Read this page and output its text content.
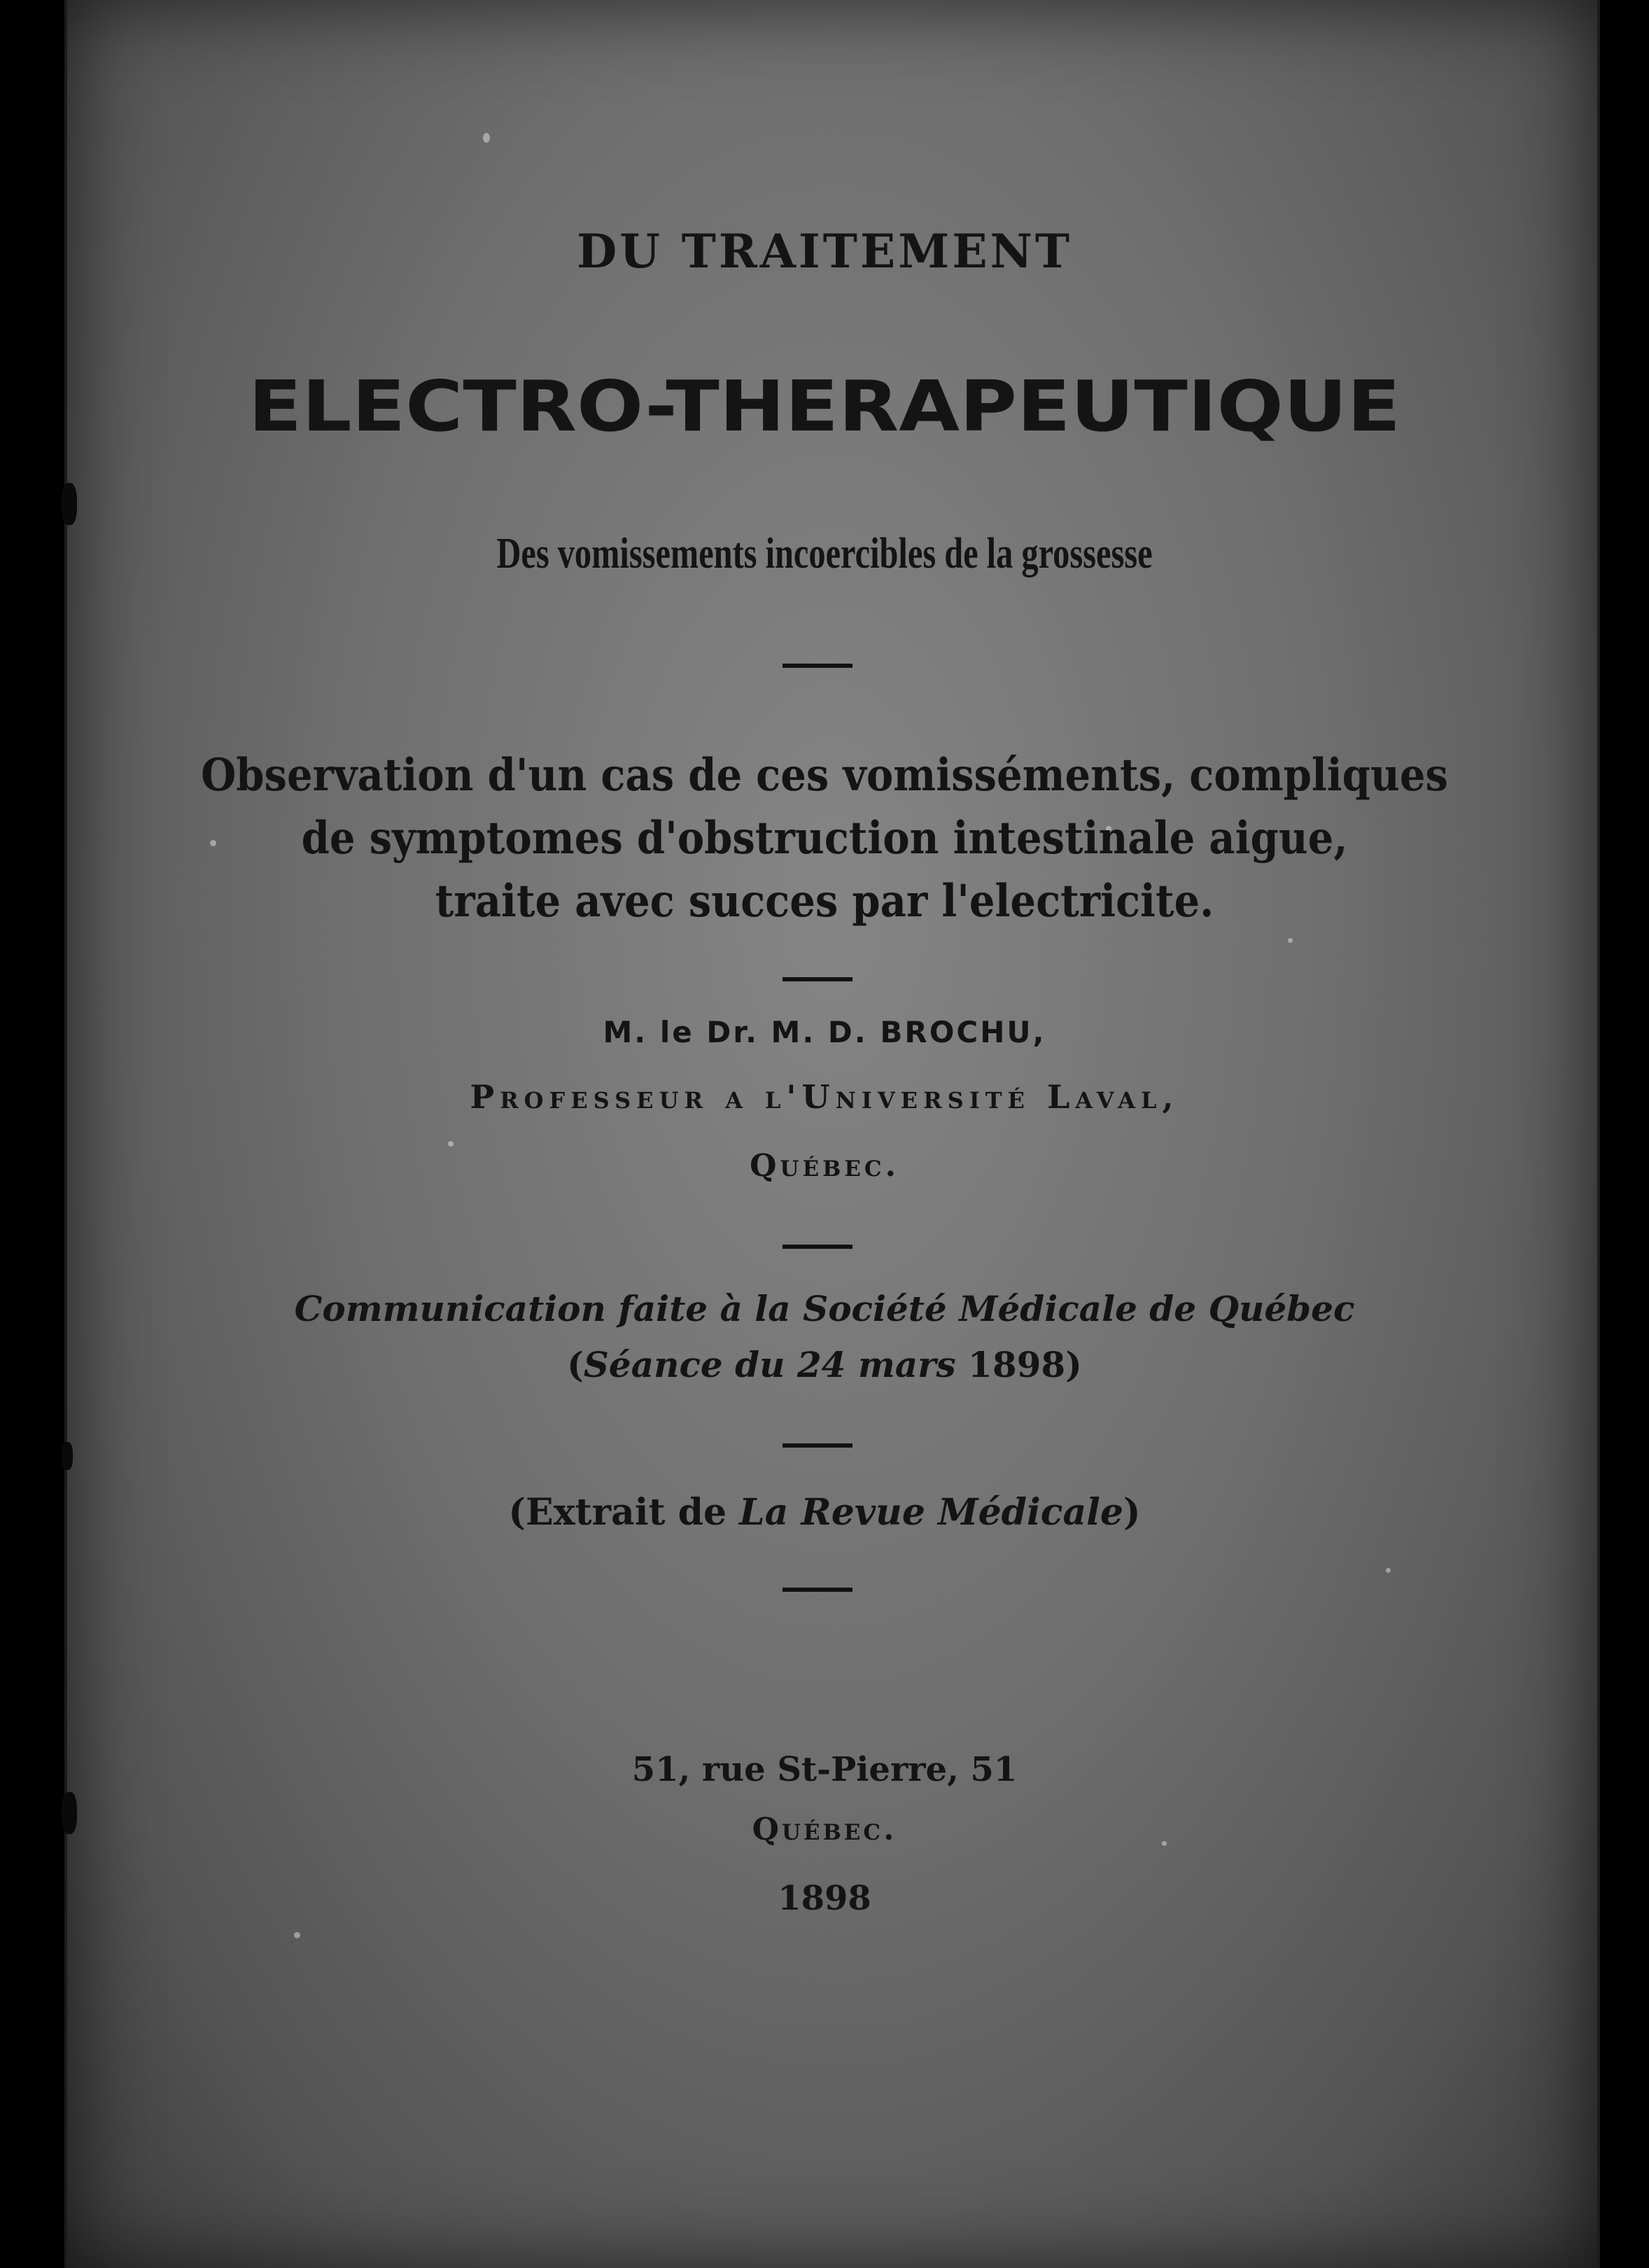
DU TRAITEMENT
ELECTRO-THERAPEUTIQUE
Des vomissements incoercibles de la grossesse
Observation d'un cas de ces vomisséments, compliques
de symptomes d'obstruction intestinale aigue,
traite avec succes par l'electricite.
M. le Dr. M. D. BROCHU,
Professeur a l'Université Laval,
Québec.
Communication faite à la Société Médicale de Québec
(Séance du 24 mars 1898)
(Extrait de La Revue Médicale)
51, rue St-Pierre, 51
Québec.
1898
